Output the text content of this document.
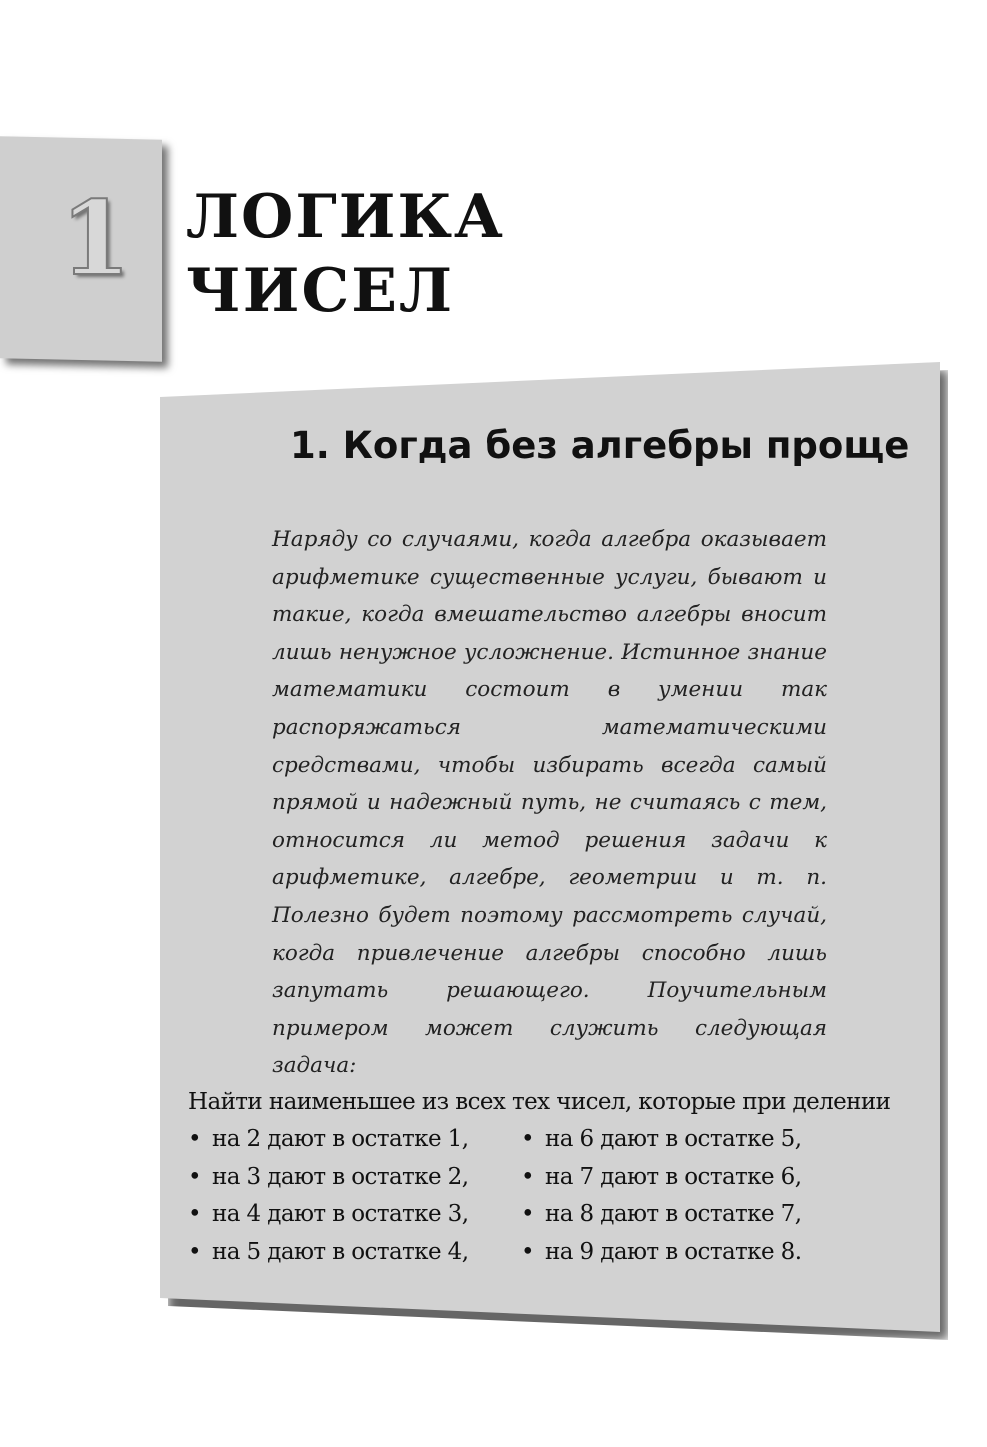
1 ЛОГИКА
ЧИСЕЛ
1. Когда без алгебры проще

Наряду со случаями, когда алгебра оказывает арифметике существенные услуги, бывают и такие, когда вмешательство алгебры вносит лишь ненужное усложнение. Истинное знание математики состоит в умении так распоряжаться математическими средствами, чтобы избирать всегда самый прямой и надежный путь, не считаясь с тем, относится ли метод решения задачи к арифметике, алгебре, геометрии и т. п. Полезно будет поэтому рассмотреть случай, когда привлечение алгебры способно лишь запутать решающего. Поучительным примером может служить следующая задача:

Найти наименьшее из всех тех чисел, которые при делении

• на 2 дают в остатке 1,
• на 3 дают в остатке 2,
• на 4 дают в остатке 3,
• на 5 дают в остатке 4,
• на 6 дают в остатке 5,
• на 7 дают в остатке 6,
• на 8 дают в остатке 7,
• на 9 дают в остатке 8.
